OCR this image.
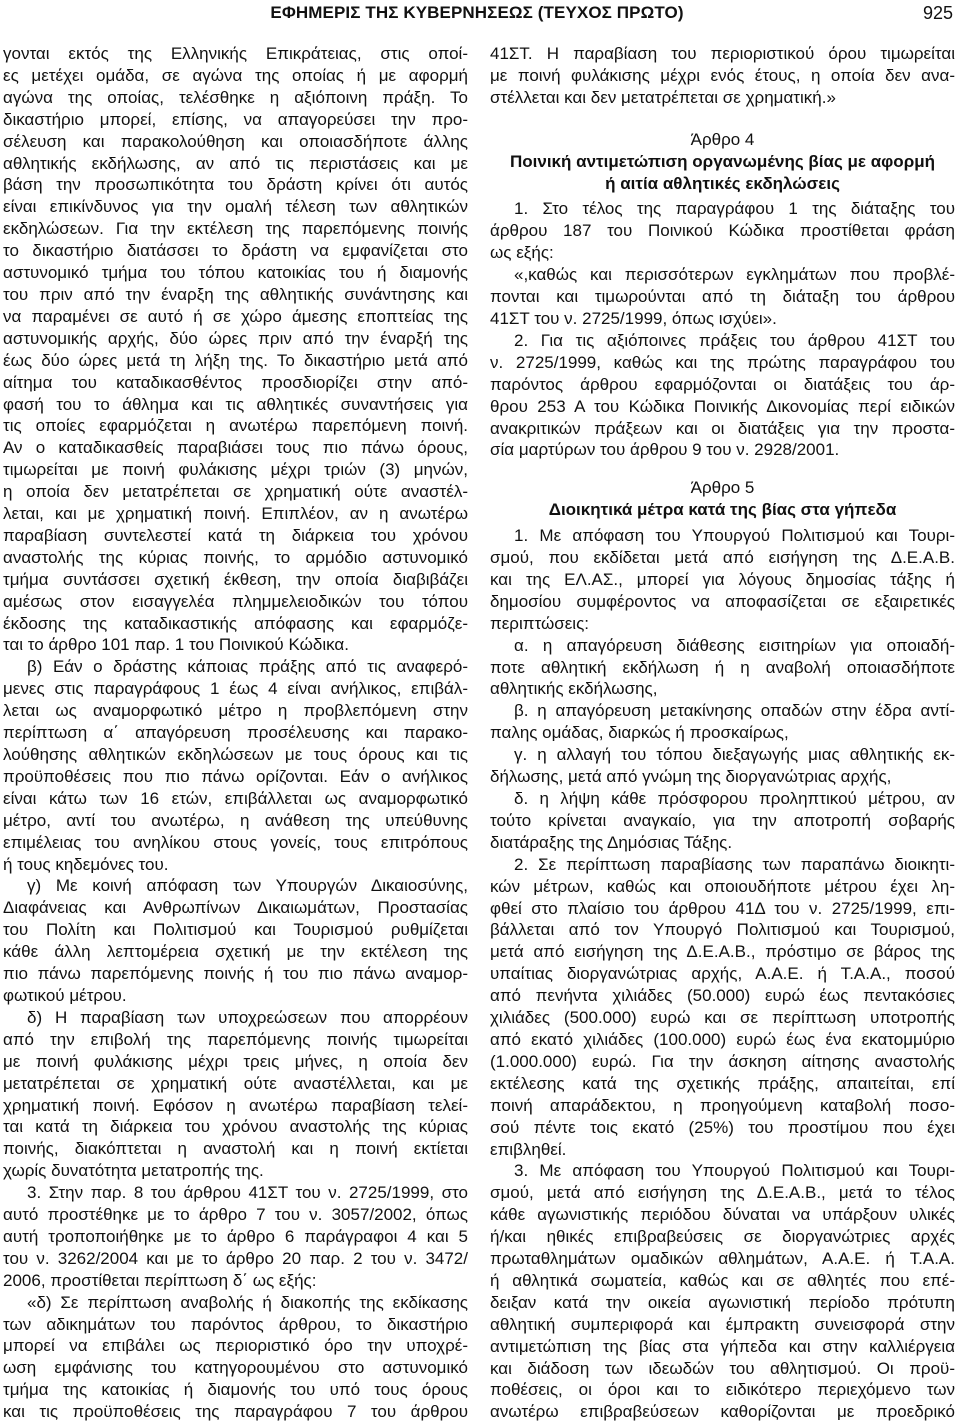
ΕΦΗΜΕΡΙΣ ΤΗΣ ΚΥΒΕΡΝΗΣΕΩΣ (ΤΕΥΧΟΣ ΠΡΩΤΟ)	925
γονται εκτός της Ελληνικής Επικράτειας, στις οποί-
ες μετέχει ομάδα, σε αγώνα της οποίας ή με αφορμή
αγώνα της οποίας, τελέσθηκε η αξιόποινη πράξη. Το
δικαστήριο μπορεί, επίσης, να απαγορεύσει την προ-
σέλευση και παρακολούθηση και οποιασδήποτε άλλης
αθλητικής εκδήλωσης, αν από τις περιστάσεις και με
βάση την προσωπικότητα του δράστη κρίνει ότι αυτός
είναι επικίνδυνος για την ομαλή τέλεση των αθλητικών
εκδηλώσεων. Για την εκτέλεση της παρεπόμενης ποινής
το δικαστήριο διατάσσει το δράστη να εμφανίζεται στο
αστυνομικό τμήμα του τόπου κατοικίας του ή διαμονής
του πριν από την έναρξη της αθλητικής συνάντησης και
να παραμένει σε αυτό ή σε χώρο άμεσης εποπτείας της
αστυνομικής αρχής, δύο ώρες πριν από την έναρξή της
έως δύο ώρες μετά τη λήξη της. Το δικαστήριο μετά από
αίτημα του καταδικασθέντος προσδιορίζει στην από-
φασή του το άθλημα και τις αθλητικές συναντήσεις για
τις οποίες εφαρμόζεται η ανωτέρω παρεπόμενη ποινή.
Αν ο καταδικασθείς παραβιάσει τους πιο πάνω όρους,
τιμωρείται με ποινή φυλάκισης μέχρι τριών (3) μηνών,
η οποία δεν μετατρέπεται σε χρηματική ούτε αναστέλ-
λεται, και με χρηματική ποινή. Επιπλέον, αν η ανωτέρω
παραβίαση συντελεστεί κατά τη διάρκεια του χρόνου
αναστολής της κύριας ποινής, το αρμόδιο αστυνομικό
τμήμα συντάσσει σχετική έκθεση, την οποία διαβιβάζει
αμέσως στον εισαγγελέα πλημμελειοδικών του τόπου
έκδοσης της καταδικαστικής απόφασης και εφαρμόζε-
ται το άρθρο 101 παρ. 1 του Ποινικού Κώδικα.
β) Εάν ο δράστης κάποιας πράξης από τις αναφερό-
μενες στις παραγράφους 1 έως 4 είναι ανήλικος, επιβάλ-
λεται ως αναμορφωτικό μέτρο η προβλεπόμενη στην
περίπτωση α΄ απαγόρευση προσέλευσης και παρακο-
λούθησης αθλητικών εκδηλώσεων με τους όρους και τις
προϋποθέσεις που πιο πάνω ορίζονται. Εάν ο ανήλικος
είναι κάτω των 16 ετών, επιβάλλεται ως αναμορφωτικό
μέτρο, αντί του ανωτέρω, η ανάθεση της υπεύθυνης
επιμέλειας του ανηλίκου στους γονείς, τους επιτρόπους
ή τους κηδεμόνες του.
γ) Με κοινή απόφαση των Υπουργών Δικαιοσύνης,
Διαφάνειας και Ανθρωπίνων Δικαιωμάτων, Προστασίας
του Πολίτη και Πολιτισμού και Τουρισμού ρυθμίζεται
κάθε άλλη λεπτομέρεια σχετική με την εκτέλεση της
πιο πάνω παρεπόμενης ποινής ή του πιο πάνω αναμορ-
φωτικού μέτρου.
δ) Η παραβίαση των υποχρεώσεων που απορρέουν
από την επιβολή της παρεπόμενης ποινής τιμωρείται
με ποινή φυλάκισης μέχρι τρεις μήνες, η οποία δεν
μετατρέπεται σε χρηματική ούτε αναστέλλεται, και με
χρηματική ποινή. Εφόσον η ανωτέρω παραβίαση τελεί-
ται κατά τη διάρκεια του χρόνου αναστολής της κύριας
ποινής, διακόπτεται η αναστολή και η ποινή εκτίεται
χωρίς δυνατότητα μετατροπής της.
3. Στην παρ. 8 του άρθρου 41ΣΤ του ν. 2725/1999, στο
αυτό προστέθηκε με το άρθρο 7 του ν. 3057/2002, όπως
αυτή τροποποιήθηκε με το άρθρο 6 παράγραφοι 4 και 5
του ν. 3262/2004 και με το άρθρο 20 παρ. 2 του ν. 3472/
2006, προστίθεται περίπτωση δ΄ ως εξής:
«δ) Σε περίπτωση αναβολής ή διακοπής της εκδίκασης
των αδικημάτων του παρόντος άρθρου, το δικαστήριο
μπορεί να επιβάλει ως περιοριστικό όρο την υποχρέ-
ωση εμφάνισης του κατηγορουμένου στο αστυνομικό
τμήμα της κατοικίας ή διαμονής του υπό τους όρους
και τις προϋποθέσεις της παραγράφου 7 του άρθρου
41ΣΤ. Η παραβίαση του περιοριστικού όρου τιμωρείται
με ποινή φυλάκισης μέχρι ενός έτους, η οποία δεν ανα-
στέλλεται και δεν μετατρέπεται σε χρηματική.»
Άρθρο 4
Ποινική αντιμετώπιση οργανωμένης βίας με αφορμή
ή αιτία αθλητικές εκδηλώσεις
1. Στο τέλος της παραγράφου 1 της διάταξης του
άρθρου 187 του Ποινικού Κώδικα προστίθεται φράση
ως εξής:
«,καθώς και περισσότερων εγκλημάτων που προβλέ-
πονται και τιμωρούνται από τη διάταξη του άρθρου
41ΣΤ του ν. 2725/1999, όπως ισχύει».
2. Για τις αξιόποινες πράξεις του άρθρου 41ΣΤ του
ν. 2725/1999, καθώς και της πρώτης παραγράφου του
παρόντος άρθρου εφαρμόζονται οι διατάξεις του άρ-
θρου 253 Α του Κώδικα Ποινικής Δικονομίας περί ειδικών
ανακριτικών πράξεων και οι διατάξεις για την προστα-
σία μαρτύρων του άρθρου 9 του ν. 2928/2001.
Άρθρο 5
Διοικητικά μέτρα κατά της βίας στα γήπεδα
1. Με απόφαση του Υπουργού Πολιτισμού και Τουρι-
σμού, που εκδίδεται μετά από εισήγηση της Δ.Ε.Α.Β.
και της ΕΛ.ΑΣ., μπορεί για λόγους δημοσίας τάξης ή
δημοσίου συμφέροντος να αποφασίζεται σε εξαιρετικές
περιπτώσεις:
α. η απαγόρευση διάθεσης εισιτηρίων για οποιαδή-
ποτε αθλητική εκδήλωση ή η αναβολή οποιασδήποτε
αθλητικής εκδήλωσης,
β. η απαγόρευση μετακίνησης οπαδών στην έδρα αντί-
παλης ομάδας, διαρκώς ή προσκαίρως,
γ. η αλλαγή του τόπου διεξαγωγής μιας αθλητικής εκ-
δήλωσης, μετά από γνώμη της διοργανώτριας αρχής,
δ. η λήψη κάθε πρόσφορου προληπτικού μέτρου, αν
τούτο κρίνεται αναγκαίο, για την αποτροπή σοβαρής
διατάραξης της Δημόσιας Τάξης.
2. Σε περίπτωση παραβίασης των παραπάνω διοικητι-
κών μέτρων, καθώς και οποιουδήποτε μέτρου έχει λη-
φθεί στο πλαίσιο του άρθρου 41Δ του ν. 2725/1999, επι-
βάλλεται από τον Υπουργό Πολιτισμού και Τουρισμού,
μετά από εισήγηση της Δ.Ε.Α.Β., πρόστιμο σε βάρος της
υπαίτιας διοργανώτριας αρχής, Α.Α.Ε. ή Τ.Α.Α., ποσού
από πενήντα χιλιάδες (50.000) ευρώ έως πεντακόσιες
χιλιάδες (500.000) ευρώ και σε περίπτωση υποτροπής
από εκατό χιλιάδες (100.000) ευρώ έως ένα εκατομμύριο
(1.000.000) ευρώ. Για την άσκηση αίτησης αναστολής
εκτέλεσης κατά της σχετικής πράξης, απαιτείται, επί
ποινή απαράδεκτου, η προηγούμενη καταβολή ποσο-
σού πέντε τοις εκατό (25%) του προστίμου που έχει
επιβληθεί.
3. Με απόφαση του Υπουργού Πολιτισμού και Τουρι-
σμού, μετά από εισήγηση της Δ.Ε.Α.Β., μετά το τέλος
κάθε αγωνιστικής περιόδου δύναται να υπάρξουν υλικές
ή/και ηθικές επιβραβεύσεις σε διοργανώτριες αρχές
πρωταθλημάτων ομαδικών αθλημάτων, Α.Α.Ε. ή Τ.Α.Α.
ή αθλητικά σωματεία, καθώς και σε αθλητές που επέ-
δειξαν κατά την οικεία αγωνιστική περίοδο πρότυπη
αθλητική συμπεριφορά και έμπρακτη συνεισφορά στην
αντιμετώπιση της βίας στα γήπεδα και στην καλλιέργεια
και διάδοση των ιδεωδών του αθλητισμού. Οι προϋ-
ποθέσεις, οι όροι και το ειδικότερο περιεχόμενο των
ανωτέρω επιβραβεύσεων καθορίζονται με προεδρικό
